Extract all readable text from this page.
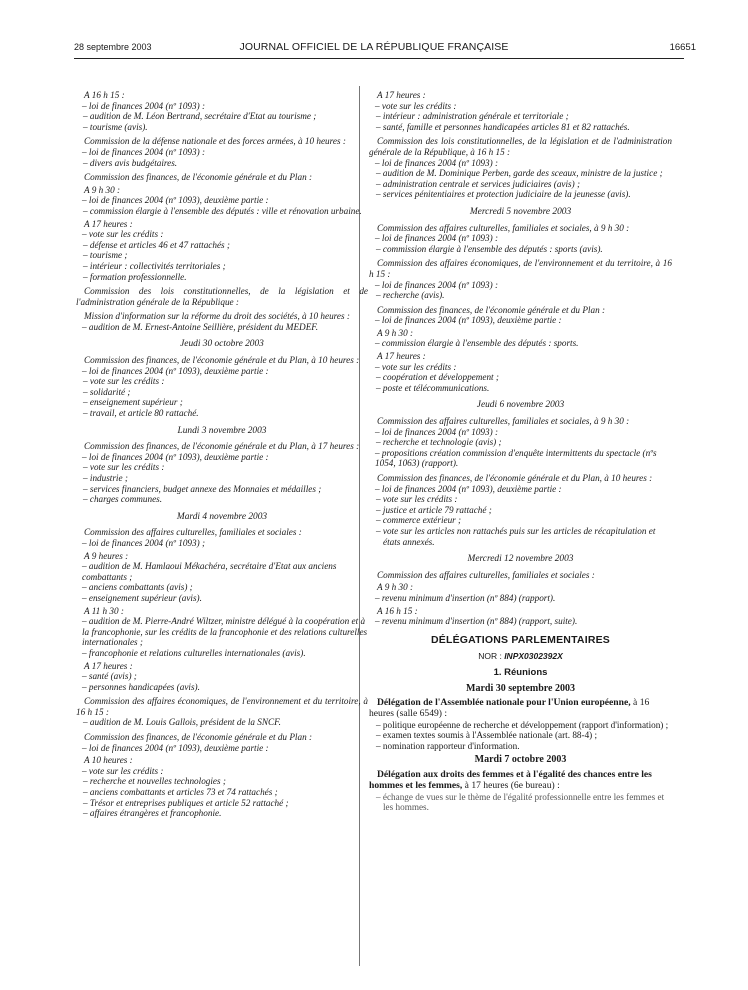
28 septembre 2003	JOURNAL OFFICIEL DE LA RÉPUBLIQUE FRANÇAISE	16651

A 16 h 15 :

– loi de finances 2004 (nº 1093) :

– audition de M. Léon Bertrand, secrétaire d'Etat au tourisme ;

– tourisme (avis).

Commission de la défense nationale et des forces armées, à 10 heures :

– loi de finances 2004 (nº 1093) :

– divers avis budgétaires.

Commission des finances, de l'économie générale et du Plan :

A 9 h 30 :

– loi de finances 2004 (nº 1093), deuxième partie :

– commission élargie à l'ensemble des députés : ville et rénovation urbaine.

A 17 heures :

– vote sur les crédits :

– défense et articles 46 et 47 rattachés ;

– tourisme ;

– intérieur : collectivités territoriales ;

– formation professionnelle.

Commission des lois constitutionnelles, de la législation et de l'administration générale de la République :

Mission d'information sur la réforme du droit des sociétés, à 10 heures :

– audition de M. Ernest-Antoine Seillière, président du MEDEF.

Jeudi 30 octobre 2003

Commission des finances, de l'économie générale et du Plan, à 10 heures :

– loi de finances 2004 (nº 1093), deuxième partie :

– vote sur les crédits :

– solidarité ;

– enseignement supérieur ;

– travail, et article 80 rattaché.

Lundi 3 novembre 2003

Commission des finances, de l'économie générale et du Plan, à 17 heures :

– loi de finances 2004 (nº 1093), deuxième partie :

– vote sur les crédits :

– industrie ;

– services financiers, budget annexe des Monnaies et médailles ;

– charges communes.

Mardi 4 novembre 2003

Commission des affaires culturelles, familiales et sociales :

– loi de finances 2004 (nº 1093) ;

A 9 heures :

– audition de M. Hamlaoui Mékachéra, secrétaire d'Etat aux anciens combattants ;

– anciens combattants (avis) ;

– enseignement supérieur (avis).

A 11 h 30 :

– audition de M. Pierre-André Wiltzer, ministre délégué à la coopération et à la francophonie, sur les crédits de la francophonie et des relations culturelles internationales ;

– francophonie et relations culturelles internationales (avis).

A 17 heures :

– santé (avis) ;

– personnes handicapées (avis).

Commission des affaires économiques, de l'environnement et du territoire, à 16 h 15 :

– audition de M. Louis Gallois, président de la SNCF.

Commission des finances, de l'économie générale et du Plan :

– loi de finances 2004 (nº 1093), deuxième partie :

A 10 heures :

– vote sur les crédits :

– recherche et nouvelles technologies ;

– anciens combattants et articles 73 et 74 rattachés ;

– Trésor et entreprises publiques et article 52 rattaché ;

– affaires étrangères et francophonie.

A 17 heures :

– vote sur les crédits :

– intérieur : administration générale et territoriale ;

– santé, famille et personnes handicapées articles 81 et 82 rattachés.

Commission des lois constitutionnelles, de la législation et de l'administration générale de la République, à 16 h 15 :

– loi de finances 2004 (nº 1093) :

– audition de M. Dominique Perben, garde des sceaux, ministre de la justice ;

– administration centrale et services judiciaires (avis) ;

– services pénitentiaires et protection judiciaire de la jeunesse (avis).

Mercredi 5 novembre 2003

Commission des affaires culturelles, familiales et sociales, à 9 h 30 :

– loi de finances 2004 (nº 1093) :

– commission élargie à l'ensemble des députés : sports (avis).

Commission des affaires économiques, de l'environnement et du territoire, à 16 h 15 :

– loi de finances 2004 (nº 1093) :

– recherche (avis).

Commission des finances, de l'économie générale et du Plan :

– loi de finances 2004 (nº 1093), deuxième partie :

A 9 h 30 :

– commission élargie à l'ensemble des députés : sports.

A 17 heures :

– vote sur les crédits :

– coopération et développement ;

– poste et télécommunications.

Jeudi 6 novembre 2003

Commission des affaires culturelles, familiales et sociales, à 9 h 30 :

– loi de finances 2004 (nº 1093) :

– recherche et technologie (avis) ;

– propositions création commission d'enquête intermittents du spectacle (nºs 1054, 1063) (rapport).

Commission des finances, de l'économie générale et du Plan, à 10 heures :

– loi de finances 2004 (nº 1093), deuxième partie :

– vote sur les crédits :

– justice et article 79 rattaché ;

– commerce extérieur ;

– vote sur les articles non rattachés puis sur les articles de récapitulation et états annexés.

Mercredi 12 novembre 2003

Commission des affaires culturelles, familiales et sociales :

A 9 h 30 :

– revenu minimum d'insertion (nº 884) (rapport).

A 16 h 15 :

– revenu minimum d'insertion (nº 884) (rapport, suite).

DÉLÉGATIONS PARLEMENTAIRES
NOR : INPX0302392X
1. Réunions
Mardi 30 septembre 2003
Délégation de l'Assemblée nationale pour l'Union européenne, à 16 heures (salle 6549) :

– politique européenne de recherche et développement (rapport d'information) ;

– examen textes soumis à l'Assemblée nationale (art. 88-4) ;

– nomination rapporteur d'information.

Mardi 7 octobre 2003
Délégation aux droits des femmes et à l'égalité des chances entre les hommes et les femmes, à 17 heures (6e bureau) :

– échange de vues sur le thème de l'égalité professionnelle entre les femmes et les hommes.
